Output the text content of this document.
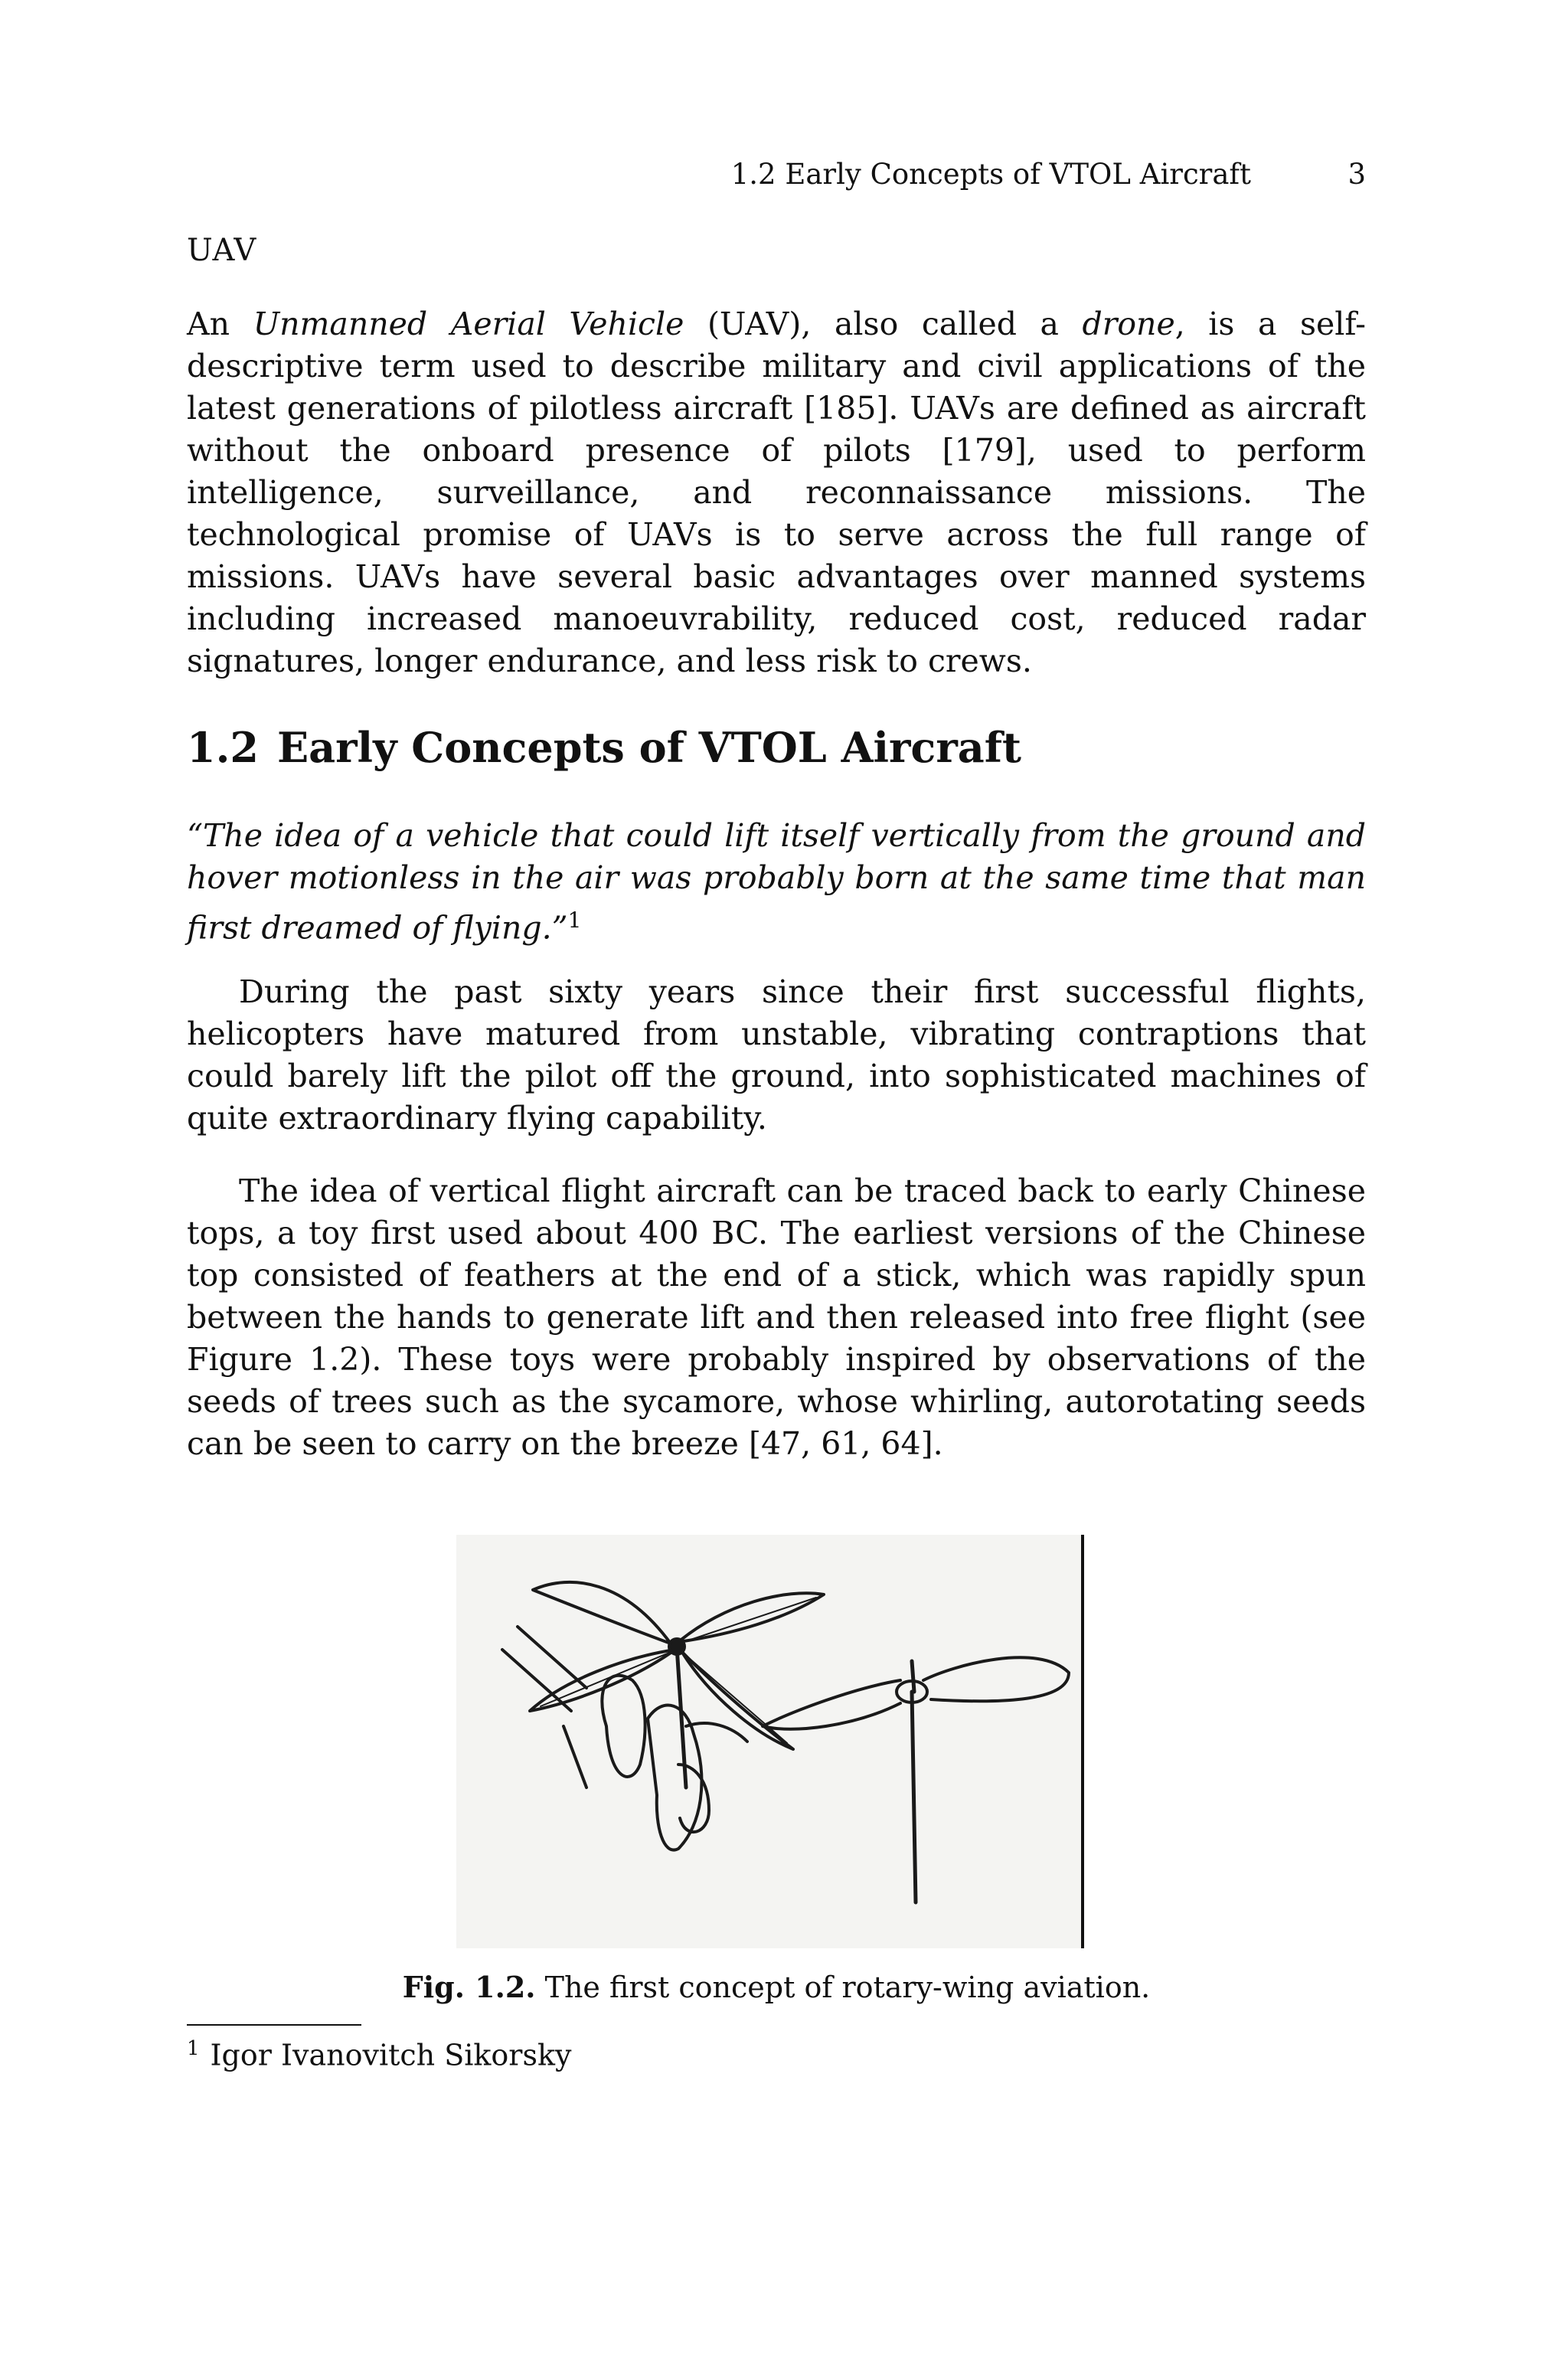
1.2 Early Concepts of VTOL Aircraft	3
UAV

An Unmanned Aerial Vehicle (UAV), also called a drone, is a self-descriptive term used to describe military and civil applications of the latest generations of pilotless aircraft [185]. UAVs are defined as aircraft without the onboard presence of pilots [179], used to perform intelligence, surveillance, and reconnaissance missions. The technological promise of UAVs is to serve across the full range of missions. UAVs have several basic advantages over manned systems including increased manoeuvrability, reduced cost, reduced radar signatures, longer endurance, and less risk to crews.

1.2 Early Concepts of VTOL Aircraft

“The idea of a vehicle that could lift itself vertically from the ground and hover motionless in the air was probably born at the same time that man first dreamed of flying.”$^1$

During the past sixty years since their first successful flights, helicopters have matured from unstable, vibrating contraptions that could barely lift the pilot off the ground, into sophisticated machines of quite extraordinary flying capability.

The idea of vertical flight aircraft can be traced back to early Chinese tops, a toy first used about 400 BC. The earliest versions of the Chinese top consisted of feathers at the end of a stick, which was rapidly spun between the hands to generate lift and then released into free flight (see Figure 1.2). These toys were probably inspired by observations of the seeds of trees such as the sycamore, whose whirling, autorotating seeds can be seen to carry on the breeze [47, 61, 64].

Fig. 1.2. The first concept of rotary-wing aviation.
$^1$ Igor Ivanovitch Sikorsky
